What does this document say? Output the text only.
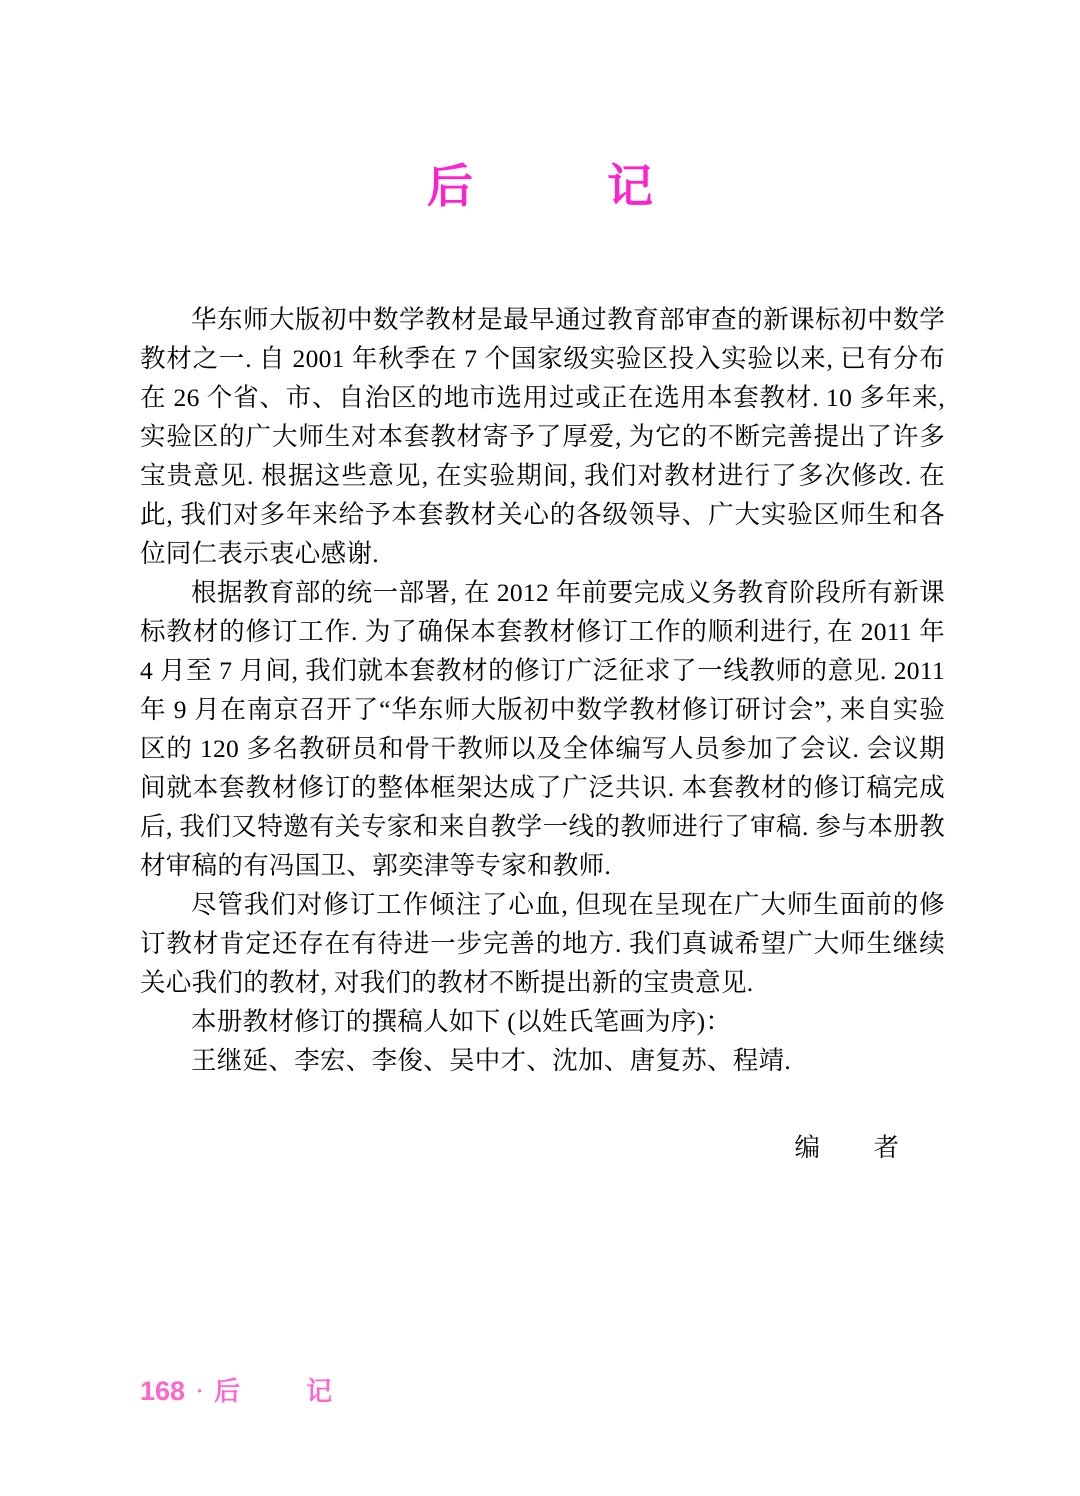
后　记

华东师大版初中数学教材是最早通过教育部审查的新课标初中数学教材之一. 自 2001 年秋季在 7 个国家级实验区投入实验以来, 已有分布在 26 个省、市、自治区的地市选用过或正在选用本套教材. 10 多年来, 实验区的广大师生对本套教材寄予了厚爱, 为它的不断完善提出了许多宝贵意见. 根据这些意见, 在实验期间, 我们对教材进行了多次修改. 在此, 我们对多年来给予本套教材关心的各级领导、广大实验区师生和各位同仁表示衷心感谢.

根据教育部的统一部署, 在 2012 年前要完成义务教育阶段所有新课标教材的修订工作. 为了确保本套教材修订工作的顺利进行, 在 2011 年 4 月至 7 月间, 我们就本套教材的修订广泛征求了一线教师的意见. 2011 年 9 月在南京召开了“华东师大版初中数学教材修订研讨会”, 来自实验区的 120 多名教研员和骨干教师以及全体编写人员参加了会议. 会议期间就本套教材修订的整体框架达成了广泛共识. 本套教材的修订稿完成后, 我们又特邀有关专家和来自教学一线的教师进行了审稿. 参与本册教材审稿的有冯国卫、郭奕津等专家和教师.

尽管我们对修订工作倾注了心血, 但现在呈现在广大师生面前的修订教材肯定还存在有待进一步完善的地方. 我们真诚希望广大师生继续关心我们的教材, 对我们的教材不断提出新的宝贵意见.

本册教材修订的撰稿人如下 (以姓氏笔画为序)：

王继延、李宏、李俊、吴中才、沈加、唐复苏、程靖.

编　者
168 · 后　记
